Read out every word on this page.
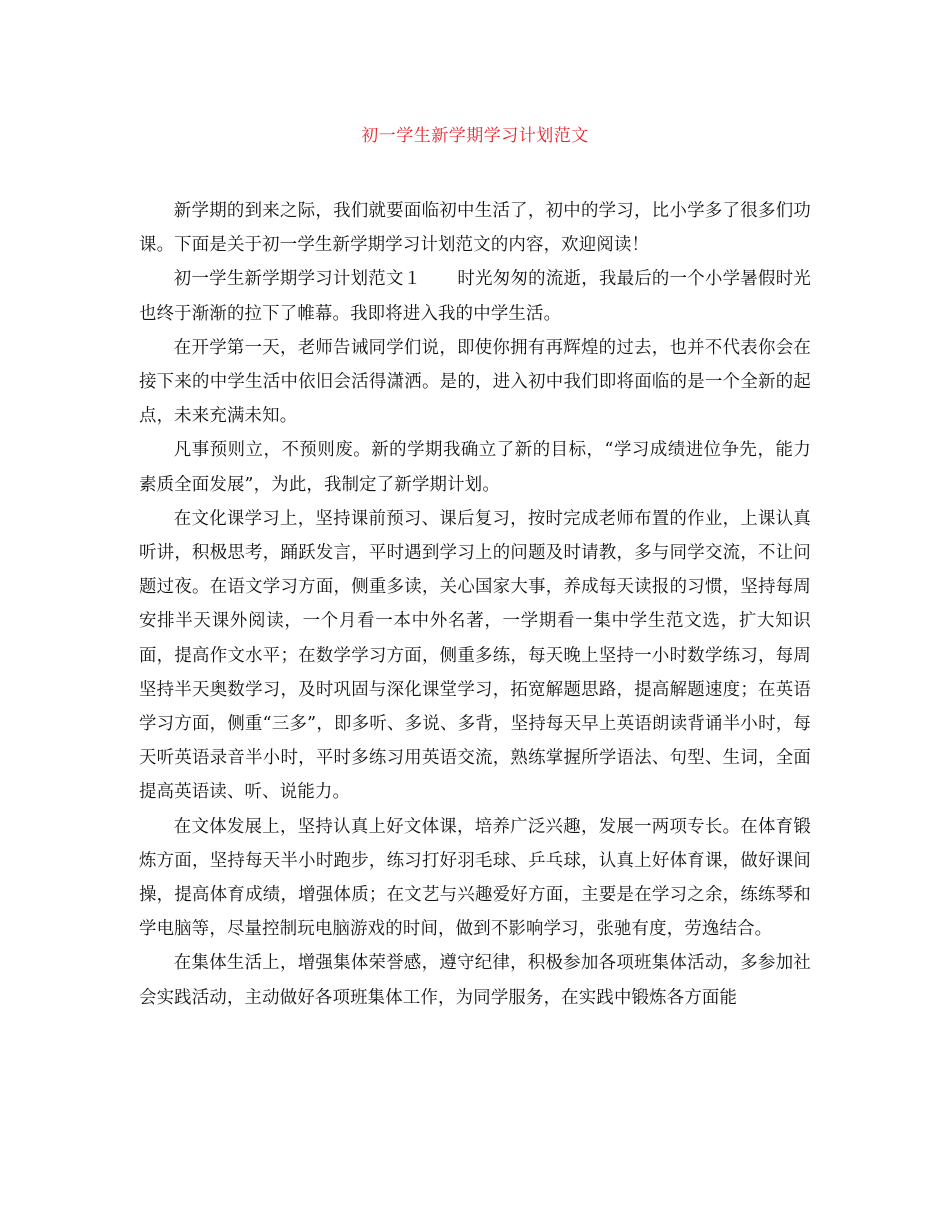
初一学生新学期学习计划范文

新学期的到来之际，我们就要面临初中生活了，初中的学习，比小学多了很多们功课。下面是关于初一学生新学期学习计划范文的内容，欢迎阅读！

初一学生新学期学习计划范文１ 时光匆匆的流逝，我最后的一个小学暑假时光也终于渐渐的拉下了帷幕。我即将进入我的中学生活。

在开学第一天，老师告诫同学们说，即使你拥有再辉煌的过去，也并不代表你会在接下来的中学生活中依旧会活得潇洒。是的，进入初中我们即将面临的是一个全新的起点，未来充满未知。

凡事预则立，不预则废。新的学期我确立了新的目标，“学习成绩进位争先，能力素质全面发展”，为此，我制定了新学期计划。

在文化课学习上，坚持课前预习、课后复习，按时完成老师布置的作业，上课认真听讲，积极思考，踊跃发言，平时遇到学习上的问题及时请教，多与同学交流，不让问题过夜。在语文学习方面，侧重多读，关心国家大事，养成每天读报的习惯，坚持每周安排半天课外阅读，一个月看一本中外名著，一学期看一集中学生范文选，扩大知识面，提高作文水平；在数学学习方面，侧重多练，每天晚上坚持一小时数学练习，每周坚持半天奥数学习，及时巩固与深化课堂学习，拓宽解题思路，提高解题速度；在英语学习方面，侧重“三多”，即多听、多说、多背，坚持每天早上英语朗读背诵半小时，每天听英语录音半小时，平时多练习用英语交流，熟练掌握所学语法、句型、生词，全面提高英语读、听、说能力。

在文体发展上，坚持认真上好文体课，培养广泛兴趣，发展一两项专长。在体育锻炼方面，坚持每天半小时跑步，练习打好羽毛球、乒乓球，认真上好体育课，做好课间操，提高体育成绩，增强体质；在文艺与兴趣爱好方面，主要是在学习之余，练练琴和学电脑等，尽量控制玩电脑游戏的时间，做到不影响学习，张驰有度，劳逸结合。

在集体生活上，增强集体荣誉感，遵守纪律，积极参加各项班集体活动，多参加社会实践活动，主动做好各项班集体工作，为同学服务，在实践中锻炼各方面能
